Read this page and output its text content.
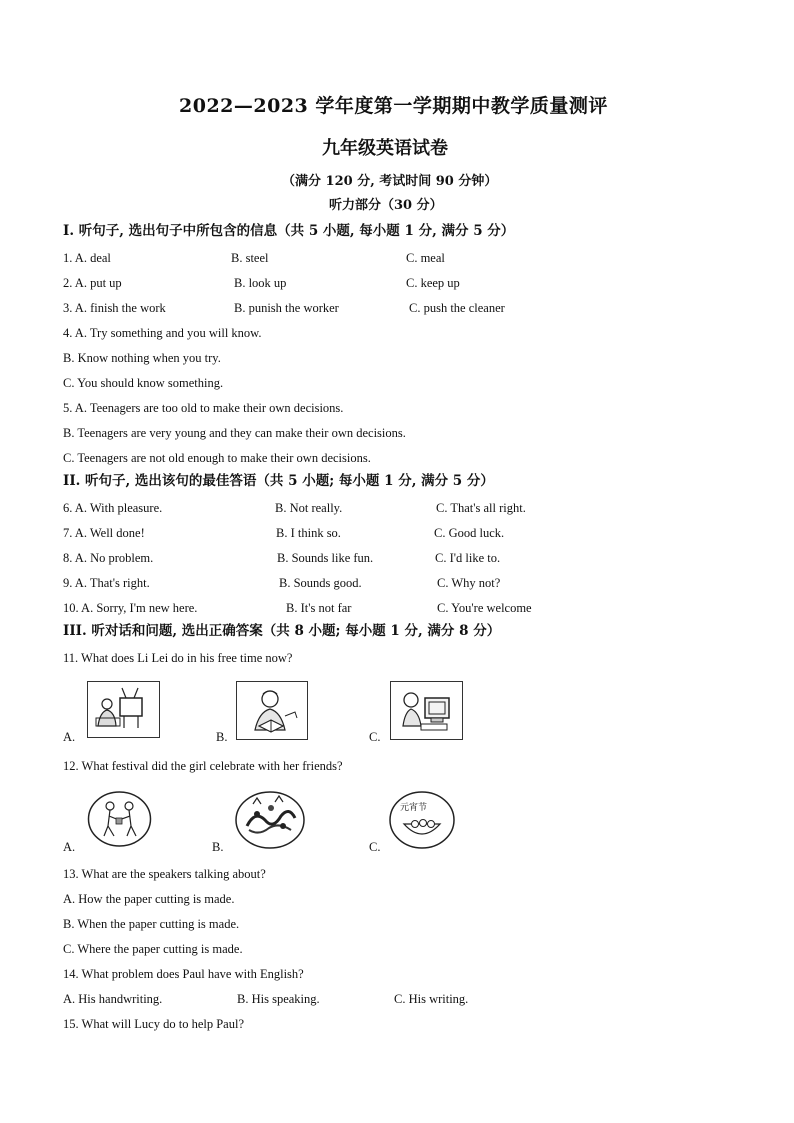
2022—2023 学年度第一学期期中教学质量测评
九年级英语试卷
（满分 120 分, 考试时间 90 分钟）
听力部分（30 分）
I. 听句子, 选出句子中所包含的信息（共 5 小题, 每小题 1 分, 满分 5 分）
1. A. deal	B. steel	C. meal
2. A. put up	B. look up	C. keep up
3. A. finish the work	B. punish the worker	C. push the cleaner
4. A. Try something and you will know.
B. Know nothing when you try.
C. You should know something.
5. A. Teenagers are too old to make their own decisions.
B. Teenagers are very young and they can make their own decisions.
C. Teenagers are not old enough to make their own decisions.
II. 听句子, 选出该句的最佳答语（共 5 小题; 每小题 1 分, 满分 5 分）
6. A. With pleasure.	B. Not really.	C. That's all right.
7. A. Well done!	B. I think so.	C. Good luck.
8. A. No problem.	B. Sounds like fun.	C. I'd like to.
9. A. That's right.	B. Sounds good.	C. Why not?
10. A. Sorry, I'm new here.	B. It's not far	C. You're welcome
III. 听对话和问题, 选出正确答案（共 8 小题; 每小题 1 分, 满分 8 分）
11. What does Li Lei do in his free time now?
A.	B.	C.
12. What festival did the girl celebrate with her friends?
A.	B.	C.
元宵节
13. What are the speakers talking about?
A. How the paper cutting is made.
B. When the paper cutting is made.
C. Where the paper cutting is made.
14. What problem does Paul have with English?
A. His handwriting.	B. His speaking.	C. His writing.
15. What will Lucy do to help Paul?
